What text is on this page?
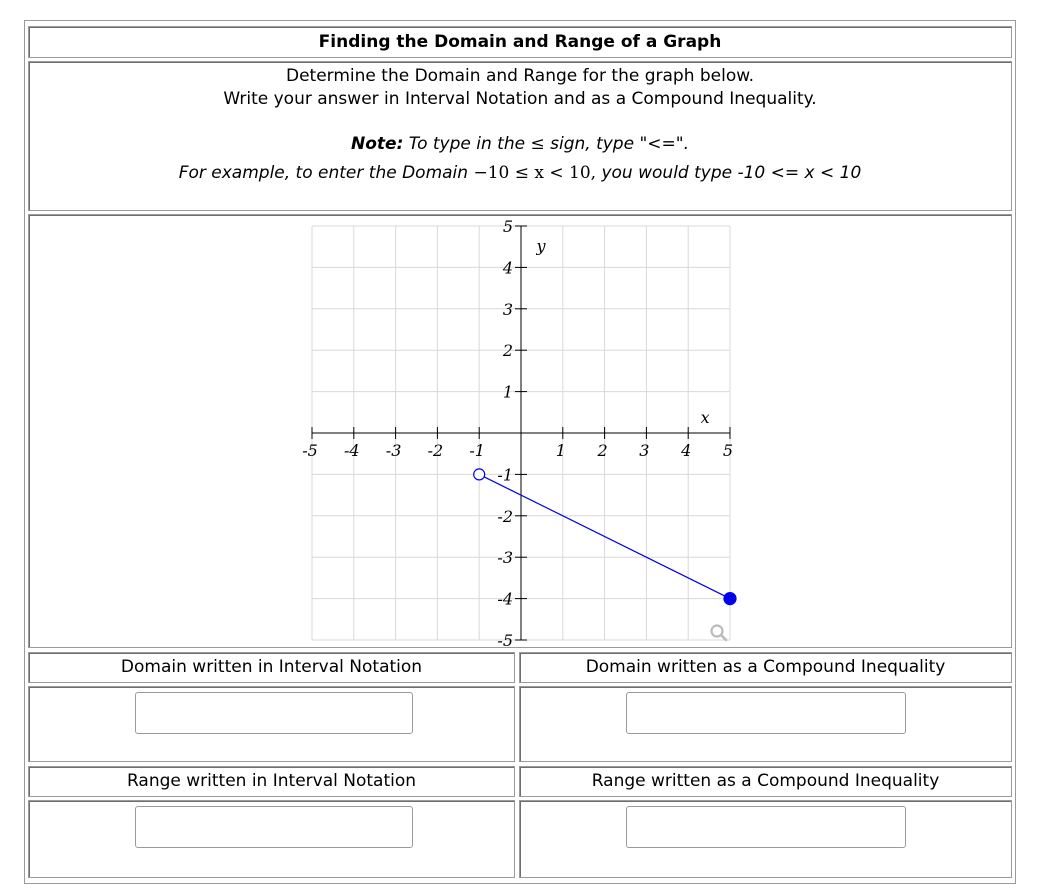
Finding the Domain and Range of a Graph
Determine the Domain and Range for the graph below.
Write your answer in Interval Notation and as a Compound Inequality.
Note: To type in the ≤ sign, type "<=".
For example, to enter the Domain −10 ≤ x < 10, you would type -10 <= x < 10
-5 -4 -3 -2 -1	1 2 3 4 5
5
4
3
2
1
-1
-2
-3
-4
-5
x
y
Domain written in Interval Notation	Domain written as a Compound Inequality
Range written in Interval Notation	Range written as a Compound Inequality
